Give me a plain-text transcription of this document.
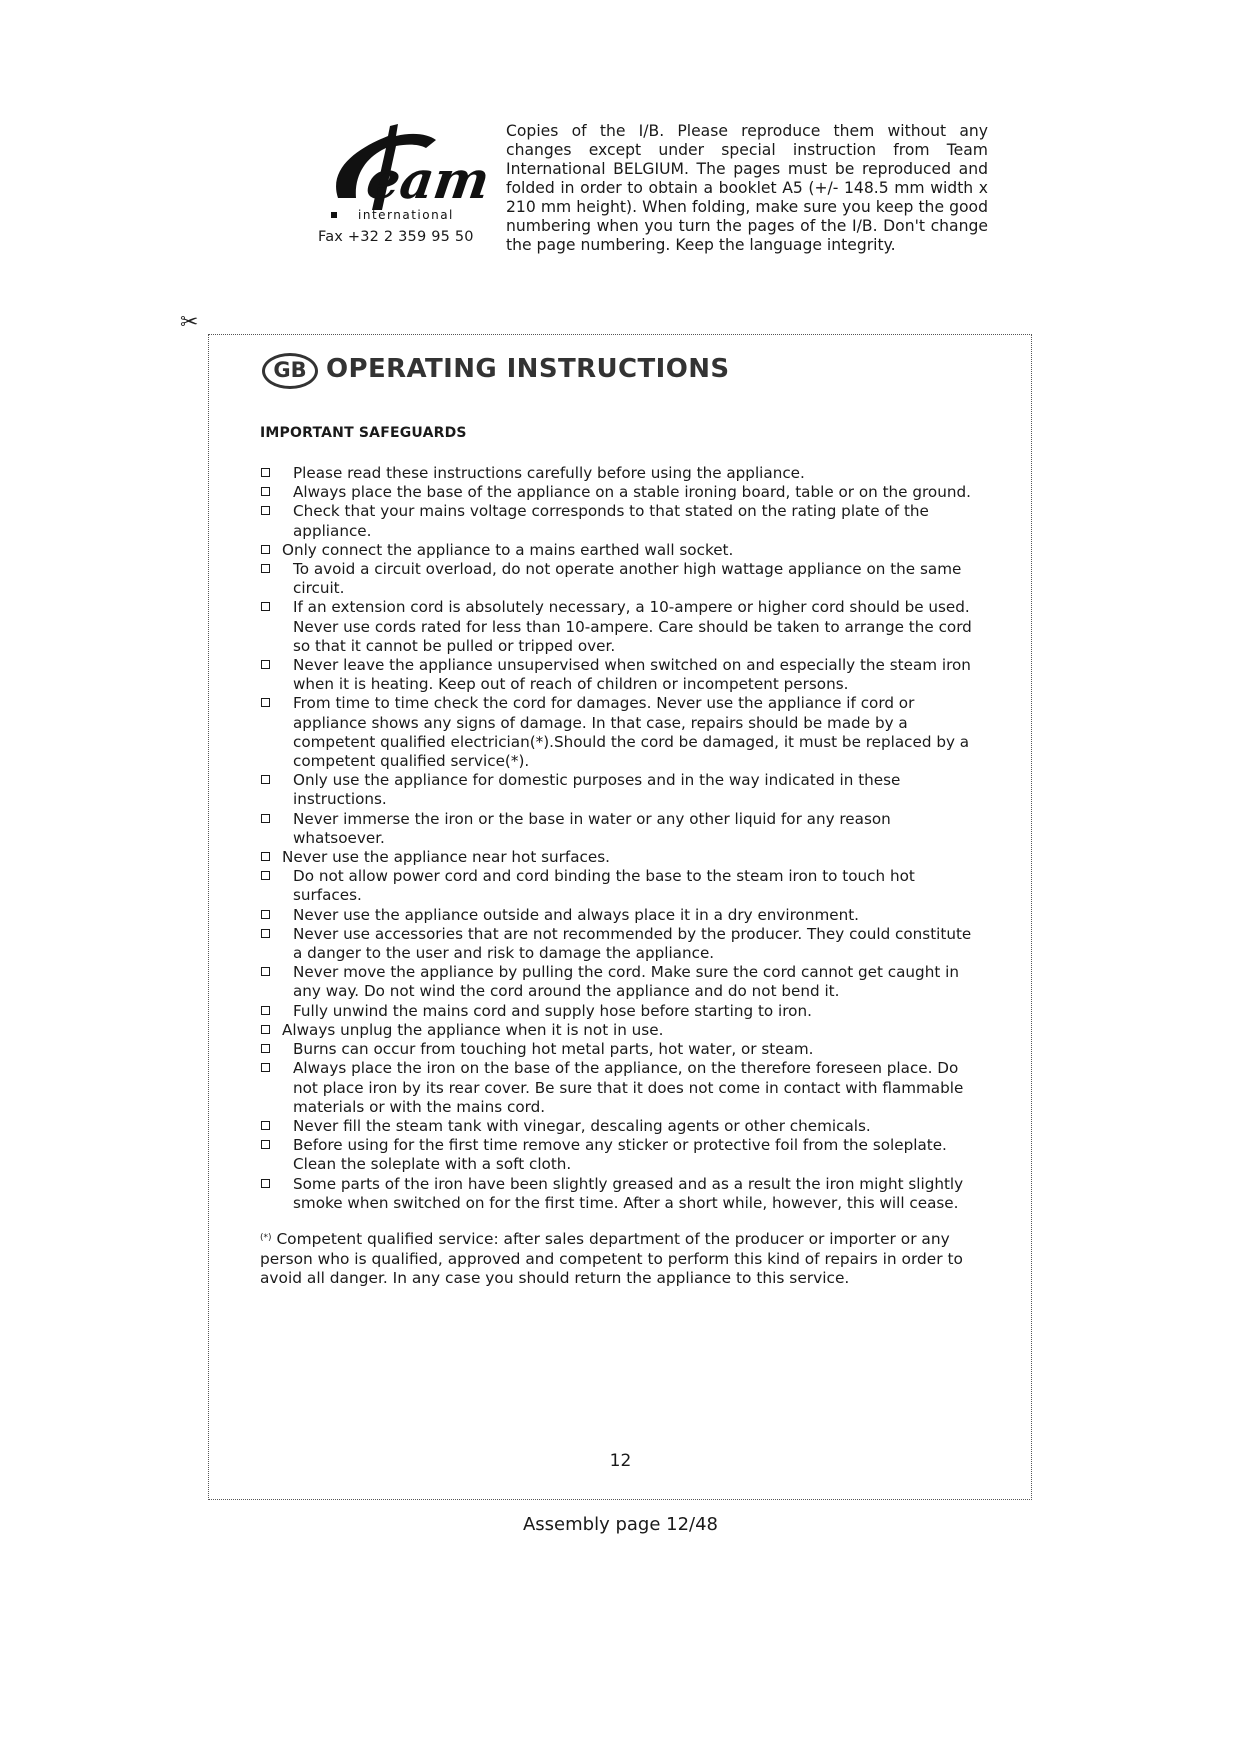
eam
international
Fax +32 2 359 95 50
Copies of the I/B. Please reproduce them without any changes except under special instruction from Team International BELGIUM. The pages must be reproduced and folded in order to obtain a booklet A5 (+/- 148.5 mm width x 210 mm height). When folding, make sure you keep the good numbering when you turn the pages of the I/B. Don't change the page numbering. Keep the language integrity.
✂
GB OPERATING INSTRUCTIONS
IMPORTANT SAFEGUARDS
Please read these instructions carefully before using the appliance.
Always place the base of the appliance on a stable ironing board, table or on the ground.
Check that your mains voltage corresponds to that stated on the rating plate of the appliance.
Only connect the appliance to a mains earthed wall socket.
To avoid a circuit overload, do not operate another high wattage appliance on the same circuit.
If an extension cord is absolutely necessary, a 10-ampere or higher cord should be used. Never use cords rated for less than 10-ampere. Care should be taken to arrange the cord so that it cannot be pulled or tripped over.
Never leave the appliance unsupervised when switched on and especially the steam iron when it is heating. Keep out of reach of children or incompetent persons.
From time to time check the cord for damages. Never use the appliance if cord or appliance shows any signs of damage. In that case, repairs should be made by a competent qualified electrician(*).Should the cord be damaged, it must be replaced by a competent qualified service(*).
Only use the appliance for domestic purposes and in the way indicated in these instructions.
Never immerse the iron or the base in water or any other liquid for any reason whatsoever.
Never use the appliance near hot surfaces.
Do not allow power cord and cord binding the base to the steam iron to touch hot surfaces.
Never use the appliance outside and always place it in a dry environment.
Never use accessories that are not recommended by the producer. They could constitute a danger to the user and risk to damage the appliance.
Never move the appliance by pulling the cord. Make sure the cord cannot get caught in any way. Do not wind the cord around the appliance and do not bend it.
Fully unwind the mains cord and supply hose before starting to iron.
Always unplug the appliance when it is not in use.
Burns can occur from touching hot metal parts, hot water, or steam.
Always place the iron on the base of the appliance, on the therefore foreseen place. Do not place iron by its rear cover. Be sure that it does not come in contact with flammable materials or with the mains cord.
Never fill the steam tank with vinegar, descaling agents or other chemicals.
Before using for the first time remove any sticker or protective foil from the soleplate. Clean the soleplate with a soft cloth.
Some parts of the iron have been slightly greased and as a result the iron might slightly smoke when switched on for the first time. After a short while, however, this will cease.
(*) Competent qualified service: after sales department of the producer or importer or any person who is qualified, approved and competent to perform this kind of repairs in order to avoid all danger. In any case you should return the appliance to this service.
12
Assembly page 12/48
